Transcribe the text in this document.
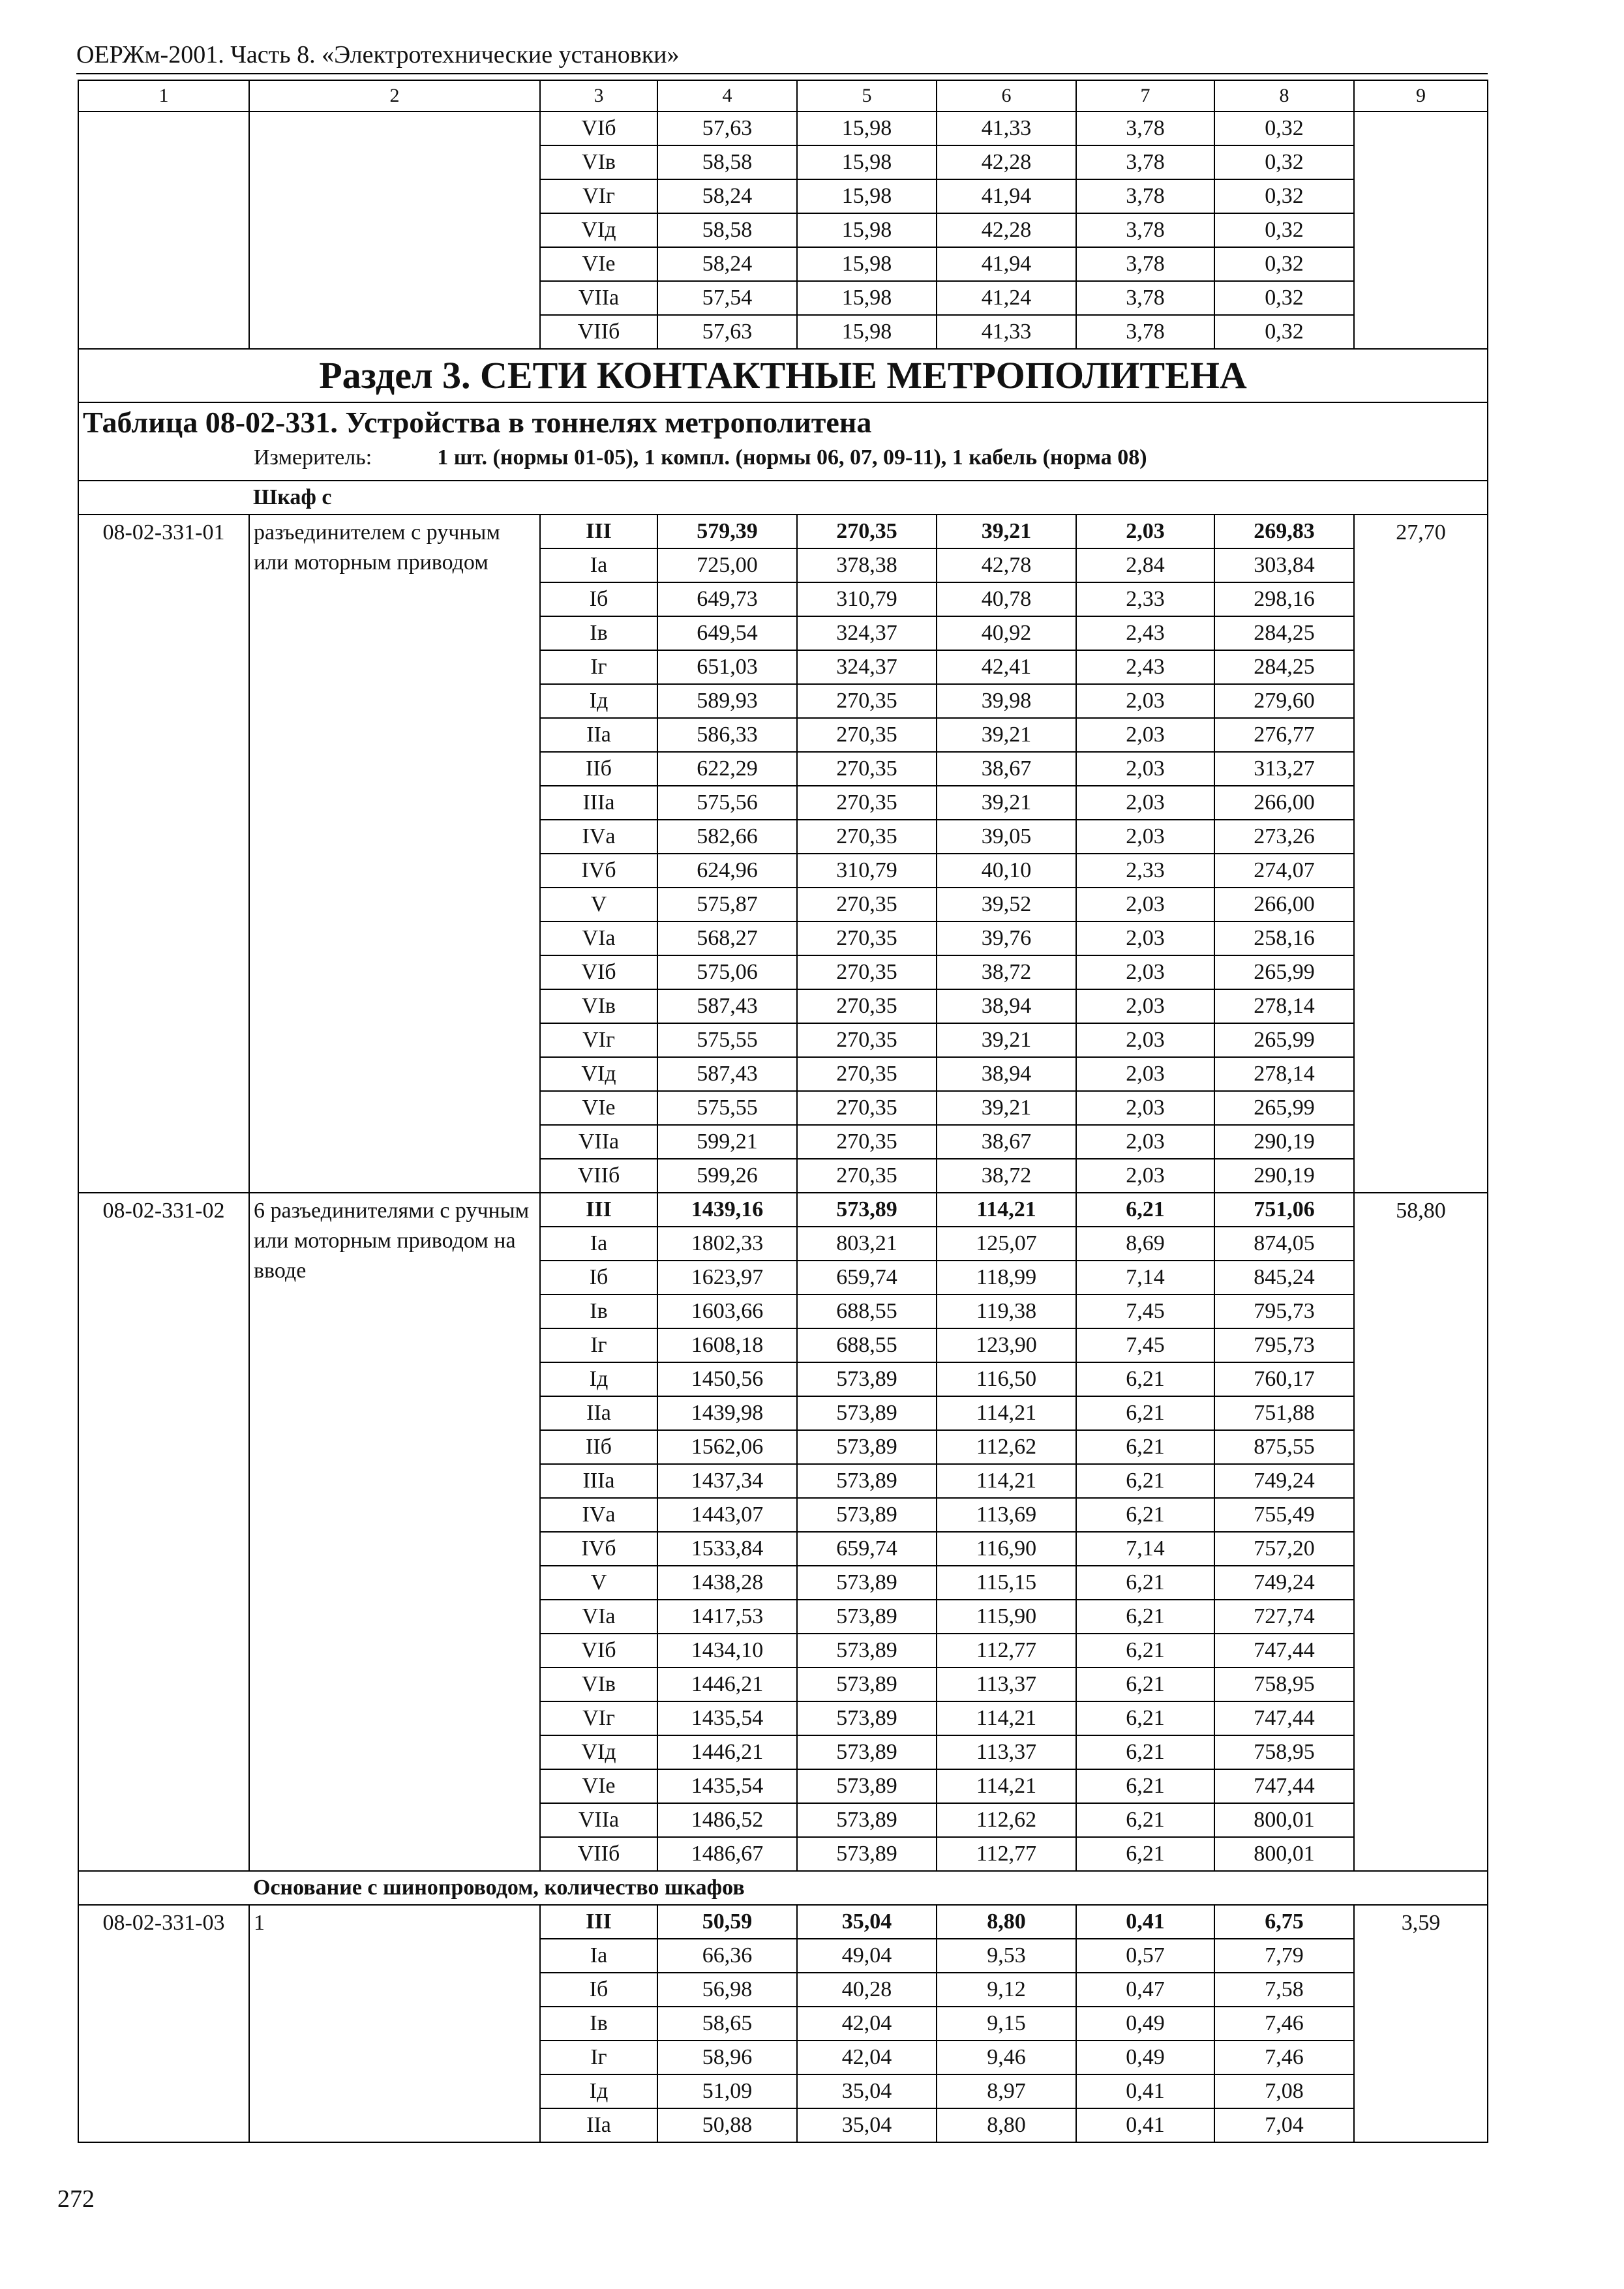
ОЕРЖм-2001. Часть 8. «Электротехнические установки»
1	2	3	4	5	6	7	8	9
		VIб	57,63	15,98	41,33	3,78	0,32	
		VIв	58,58	15,98	42,28	3,78	0,32	
		VIг	58,24	15,98	41,94	3,78	0,32	
		VIд	58,58	15,98	42,28	3,78	0,32	
		VIе	58,24	15,98	41,94	3,78	0,32	
		VIIа	57,54	15,98	41,24	3,78	0,32	
		VIIб	57,63	15,98	41,33	3,78	0,32	
Раздел 3. СЕТИ КОНТАКТНЫЕ МЕТРОПОЛИТЕНА								

Таблица 08-02-331. Устройства в тоннелях метрополитена
Измеритель: 1 шт. (нормы 01-05), 1 компл. (нормы 06, 07, 09-11), 1 кабель (норма 08)								

Шкаф с								
08-02-331-01	разъединителем с ручным или моторным приводом	III	579,39	270,35	39,21	2,03	269,83	27,70
		Iа	725,00	378,38	42,78	2,84	303,84	
		Iб	649,73	310,79	40,78	2,33	298,16	
		Iв	649,54	324,37	40,92	2,43	284,25	
		Iг	651,03	324,37	42,41	2,43	284,25	
		Iд	589,93	270,35	39,98	2,03	279,60	
		IIа	586,33	270,35	39,21	2,03	276,77	
		IIб	622,29	270,35	38,67	2,03	313,27	
		IIIа	575,56	270,35	39,21	2,03	266,00	
		IVа	582,66	270,35	39,05	2,03	273,26	
		IVб	624,96	310,79	40,10	2,33	274,07	
		V	575,87	270,35	39,52	2,03	266,00	
		VIа	568,27	270,35	39,76	2,03	258,16	
		VIб	575,06	270,35	38,72	2,03	265,99	
		VIв	587,43	270,35	38,94	2,03	278,14	
		VIг	575,55	270,35	39,21	2,03	265,99	
		VIд	587,43	270,35	38,94	2,03	278,14	
		VIе	575,55	270,35	39,21	2,03	265,99	
		VIIа	599,21	270,35	38,67	2,03	290,19	
		VIIб	599,26	270,35	38,72	2,03	290,19	
08-02-331-02	6 разъединителями с ручным или моторным приводом на вводе	III	1439,16	573,89	114,21	6,21	751,06	58,80
		Iа	1802,33	803,21	125,07	8,69	874,05	
		Iб	1623,97	659,74	118,99	7,14	845,24	
		Iв	1603,66	688,55	119,38	7,45	795,73	
		Iг	1608,18	688,55	123,90	7,45	795,73	
		Iд	1450,56	573,89	116,50	6,21	760,17	
		IIа	1439,98	573,89	114,21	6,21	751,88	
		IIб	1562,06	573,89	112,62	6,21	875,55	
		IIIа	1437,34	573,89	114,21	6,21	749,24	
		IVа	1443,07	573,89	113,69	6,21	755,49	
		IVб	1533,84	659,74	116,90	7,14	757,20	
		V	1438,28	573,89	115,15	6,21	749,24	
		VIа	1417,53	573,89	115,90	6,21	727,74	
		VIб	1434,10	573,89	112,77	6,21	747,44	
		VIв	1446,21	573,89	113,37	6,21	758,95	
		VIг	1435,54	573,89	114,21	6,21	747,44	
		VIд	1446,21	573,89	113,37	6,21	758,95	
		VIе	1435,54	573,89	114,21	6,21	747,44	
		VIIа	1486,52	573,89	112,62	6,21	800,01	
		VIIб	1486,67	573,89	112,77	6,21	800,01	
Основание с шинопроводом, количество шкафов								
08-02-331-03	1	III	50,59	35,04	8,80	0,41	6,75	3,59
		Iа	66,36	49,04	9,53	0,57	7,79	
		Iб	56,98	40,28	9,12	0,47	7,58	
		Iв	58,65	42,04	9,15	0,49	7,46	
		Iг	58,96	42,04	9,46	0,49	7,46	
		Iд	51,09	35,04	8,97	0,41	7,08	
		IIа	50,88	35,04	8,80	0,41	7,04	
272
